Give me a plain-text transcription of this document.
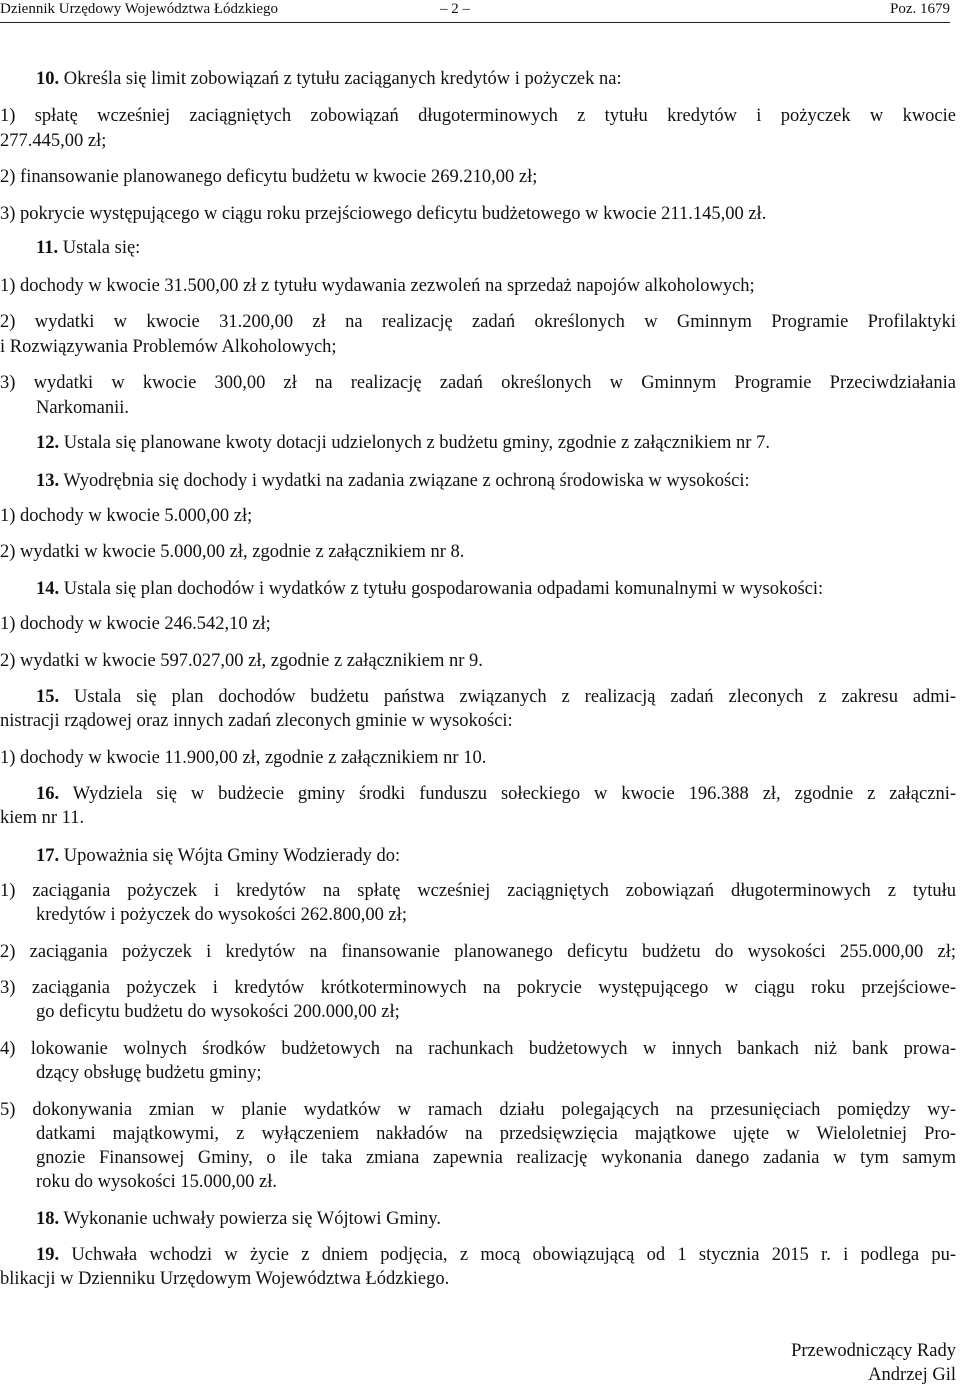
Dziennik Urzędowy Województwa Łódzkiego	– 2 –	Poz. 1679
10. Określa się limit zobowiązań z tytułu zaciąganych kredytów i pożyczek na:
1) spłatę wcześniej zaciągniętych zobowiązań długoterminowych z tytułu kredytów i pożyczek w kwocie
277.445,00 zł;
2) finansowanie planowanego deficytu budżetu w kwocie 269.210,00 zł;
3) pokrycie występującego w ciągu roku przejściowego deficytu budżetowego w kwocie 211.145,00 zł.
11. Ustala się:
1) dochody w kwocie 31.500,00 zł z tytułu wydawania zezwoleń na sprzedaż napojów alkoholowych;
2) wydatki w kwocie 31.200,00 zł na realizację zadań określonych w Gminnym Programie Profilaktyki
i Rozwiązywania Problemów Alkoholowych;
3) wydatki w kwocie 300,00 zł na realizację zadań określonych w Gminnym Programie Przeciwdziałania
Narkomanii.
12. Ustala się planowane kwoty dotacji udzielonych z budżetu gminy, zgodnie z załącznikiem nr 7.
13. Wyodrębnia się dochody i wydatki na zadania związane z ochroną środowiska w wysokości:
1) dochody w kwocie 5.000,00 zł;
2) wydatki w kwocie 5.000,00 zł, zgodnie z załącznikiem nr 8.
14. Ustala się plan dochodów i wydatków z tytułu gospodarowania odpadami komunalnymi w wysokości:
1) dochody w kwocie 246.542,10 zł;
2) wydatki w kwocie 597.027,00 zł, zgodnie z załącznikiem nr 9.
15. Ustala się plan dochodów budżetu państwa związanych z realizacją zadań zleconych z zakresu admi-
nistracji rządowej oraz innych zadań zleconych gminie w wysokości:
1) dochody w kwocie 11.900,00 zł, zgodnie z załącznikiem nr 10.
16. Wydziela się w budżecie gminy środki funduszu sołeckiego w kwocie 196.388 zł, zgodnie z załączni-
kiem nr 11.
17. Upoważnia się Wójta Gminy Wodzierady do:
1) zaciągania pożyczek i kredytów na spłatę wcześniej zaciągniętych zobowiązań długoterminowych z tytułu
kredytów i pożyczek do wysokości 262.800,00 zł;
2) zaciągania pożyczek i kredytów na finansowanie planowanego deficytu budżetu do wysokości 255.000,00 zł;
3) zaciągania pożyczek i kredytów krótkoterminowych na pokrycie występującego w ciągu roku przejściowe-
go deficytu budżetu do wysokości 200.000,00 zł;
4) lokowanie wolnych środków budżetowych na rachunkach budżetowych w innych bankach niż bank prowa-
dzący obsługę budżetu gminy;
5) dokonywania zmian w planie wydatków w ramach działu polegających na przesunięciach pomiędzy wy-
datkami majątkowymi, z wyłączeniem nakładów na przedsięwzięcia majątkowe ujęte w Wieloletniej Pro-
gnozie Finansowej Gminy, o ile taka zmiana zapewnia realizację wykonania danego zadania w tym samym
roku do wysokości 15.000,00 zł.
18. Wykonanie uchwały powierza się Wójtowi Gminy.
19. Uchwała wchodzi w życie z dniem podjęcia, z mocą obowiązującą od 1 stycznia 2015 r. i podlega pu-
blikacji w Dzienniku Urzędowym Województwa Łódzkiego.
Przewodniczący Rady
Andrzej Gil
